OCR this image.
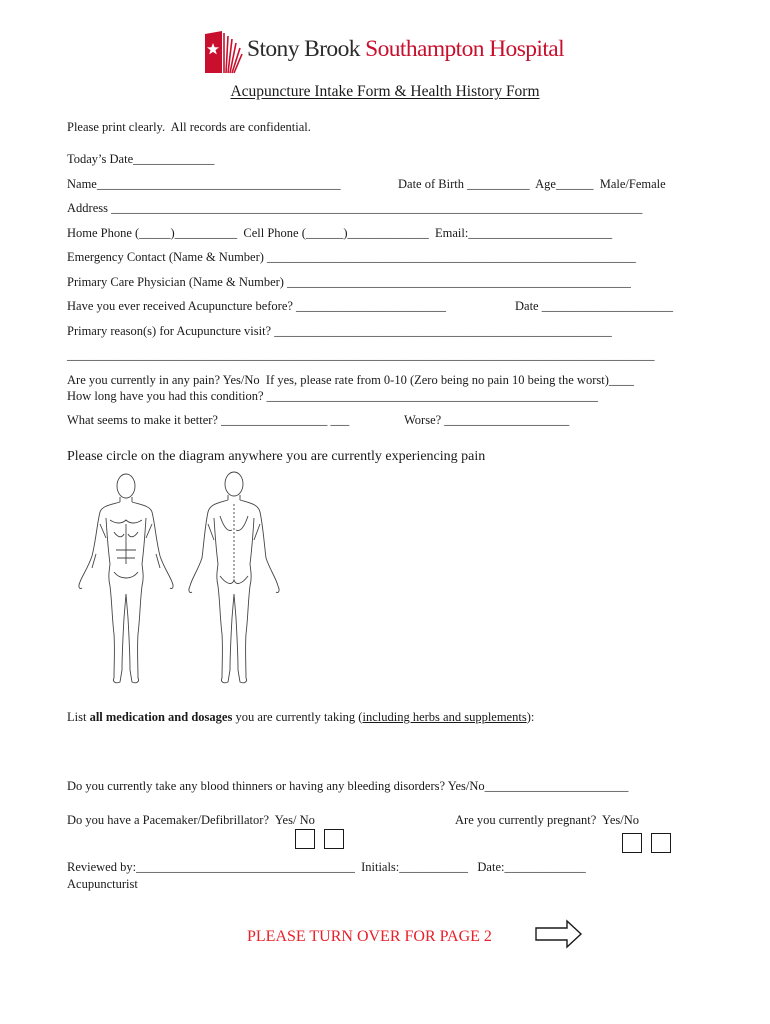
Stony Brook Southampton Hospital
Acupuncture Intake Form & Health History Form
Please print clearly.  All records are confidential.
Today’s Date_____________
Name_______________________________________	Date of Birth __________  Age______  Male/Female
Address _____________________________________________________________________________________
Home Phone (_____)__________  Cell Phone (______)_____________  Email:_______________________
Emergency Contact (Name & Number) ___________________________________________________________
Primary Care Physician (Name & Number) _______________________________________________________
Have you ever received Acupuncture before? ________________________	Date _____________________
Primary reason(s) for Acupuncture visit? ______________________________________________________
______________________________________________________________________________________________
Are you currently in any pain? Yes/No  If yes, please rate from 0-10 (Zero being no pain 10 being the worst)____
How long have you had this condition? _____________________________________________________
What seems to make it better? _________________ ___	Worse? ____________________
Please circle on the diagram anywhere you are currently experiencing pain
List all medication and dosages you are currently taking (including herbs and supplements):
Do you currently take any blood thinners or having any bleeding disorders? Yes/No_______________________
Do you have a Pacemaker/Defibrillator?  Yes/ No	Are you currently pregnant?  Yes/No
Reviewed by:___________________________________  Initials:___________   Date:_____________
Acupuncturist
PLEASE TURN OVER FOR PAGE 2
